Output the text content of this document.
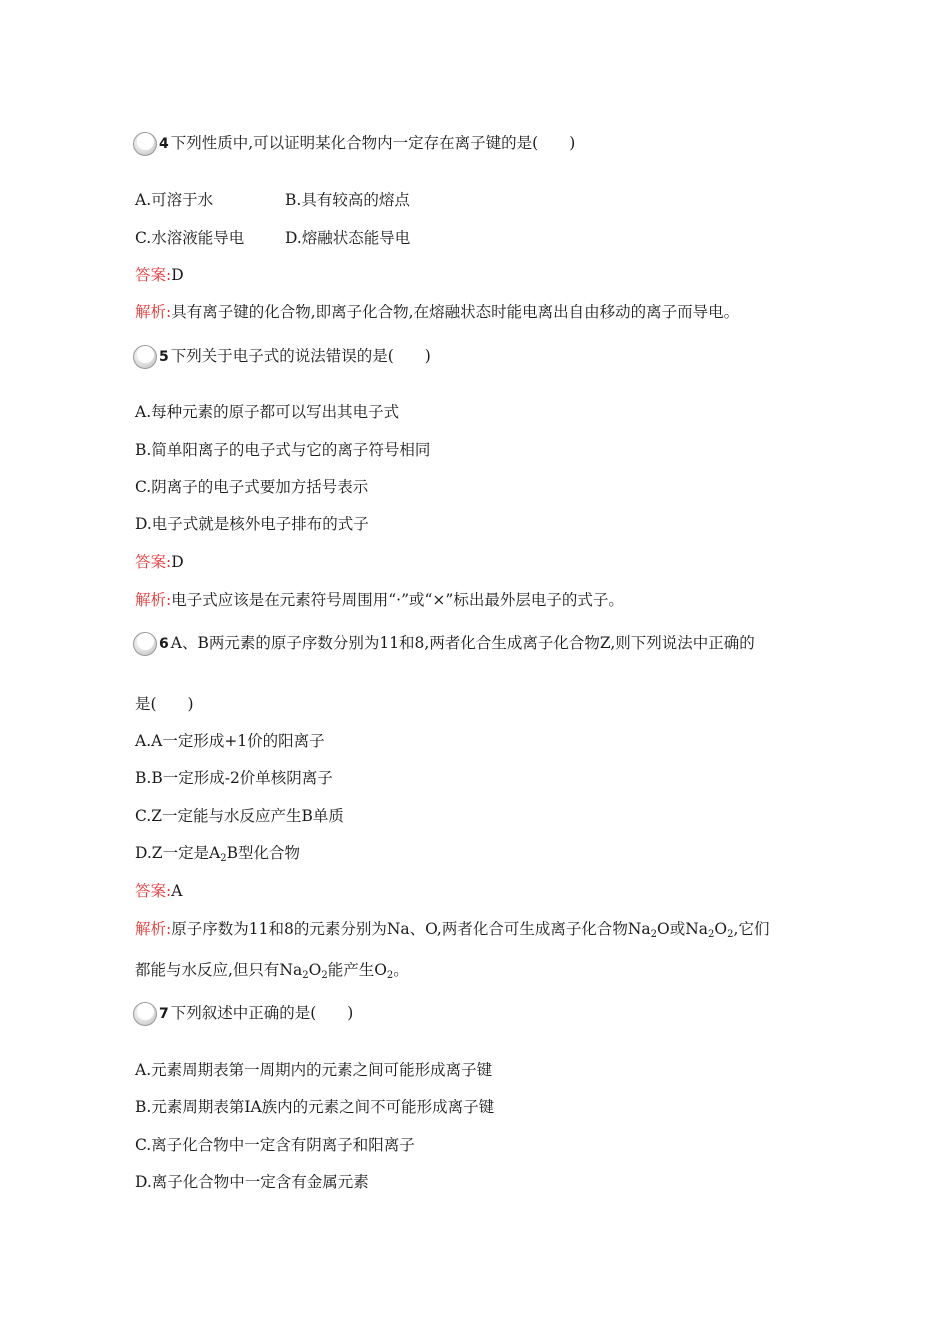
4 下列性质中,可以证明某化合物内一定存在离子键的是(　　)
A.可溶于水	B.具有较高的熔点
C.水溶液能导电	D.熔融状态能导电
答案:D
解析:具有离子键的化合物,即离子化合物,在熔融状态时能电离出自由移动的离子而导电。
5 下列关于电子式的说法错误的是(　　)
A.每种元素的原子都可以写出其电子式
B.简单阳离子的电子式与它的离子符号相同
C.阴离子的电子式要加方括号表示
D.电子式就是核外电子排布的式子
答案:D
解析:电子式应该是在元素符号周围用“·”或“×”标出最外层电子的式子。
6 A、B两元素的原子序数分别为11和8,两者化合生成离子化合物Z,则下列说法中正确的
是(　　)
A.A一定形成+1价的阳离子
B.B一定形成-2价单核阴离子
C.Z一定能与水反应产生B单质
D.Z一定是$A_2B$型化合物
答案:A
解析:原子序数为11和8的元素分别为Na、O,两者化合可生成离子化合物$Na_2O$或$Na_2O_2$,它们
都能与水反应,但只有$Na_2O_2$能产生$O_2$。
7 下列叙述中正确的是(　　)
A.元素周期表第一周期内的元素之间可能形成离子键
B.元素周期表第ⅠA族内的元素之间不可能形成离子键
C.离子化合物中一定含有阴离子和阳离子
D.离子化合物中一定含有金属元素
